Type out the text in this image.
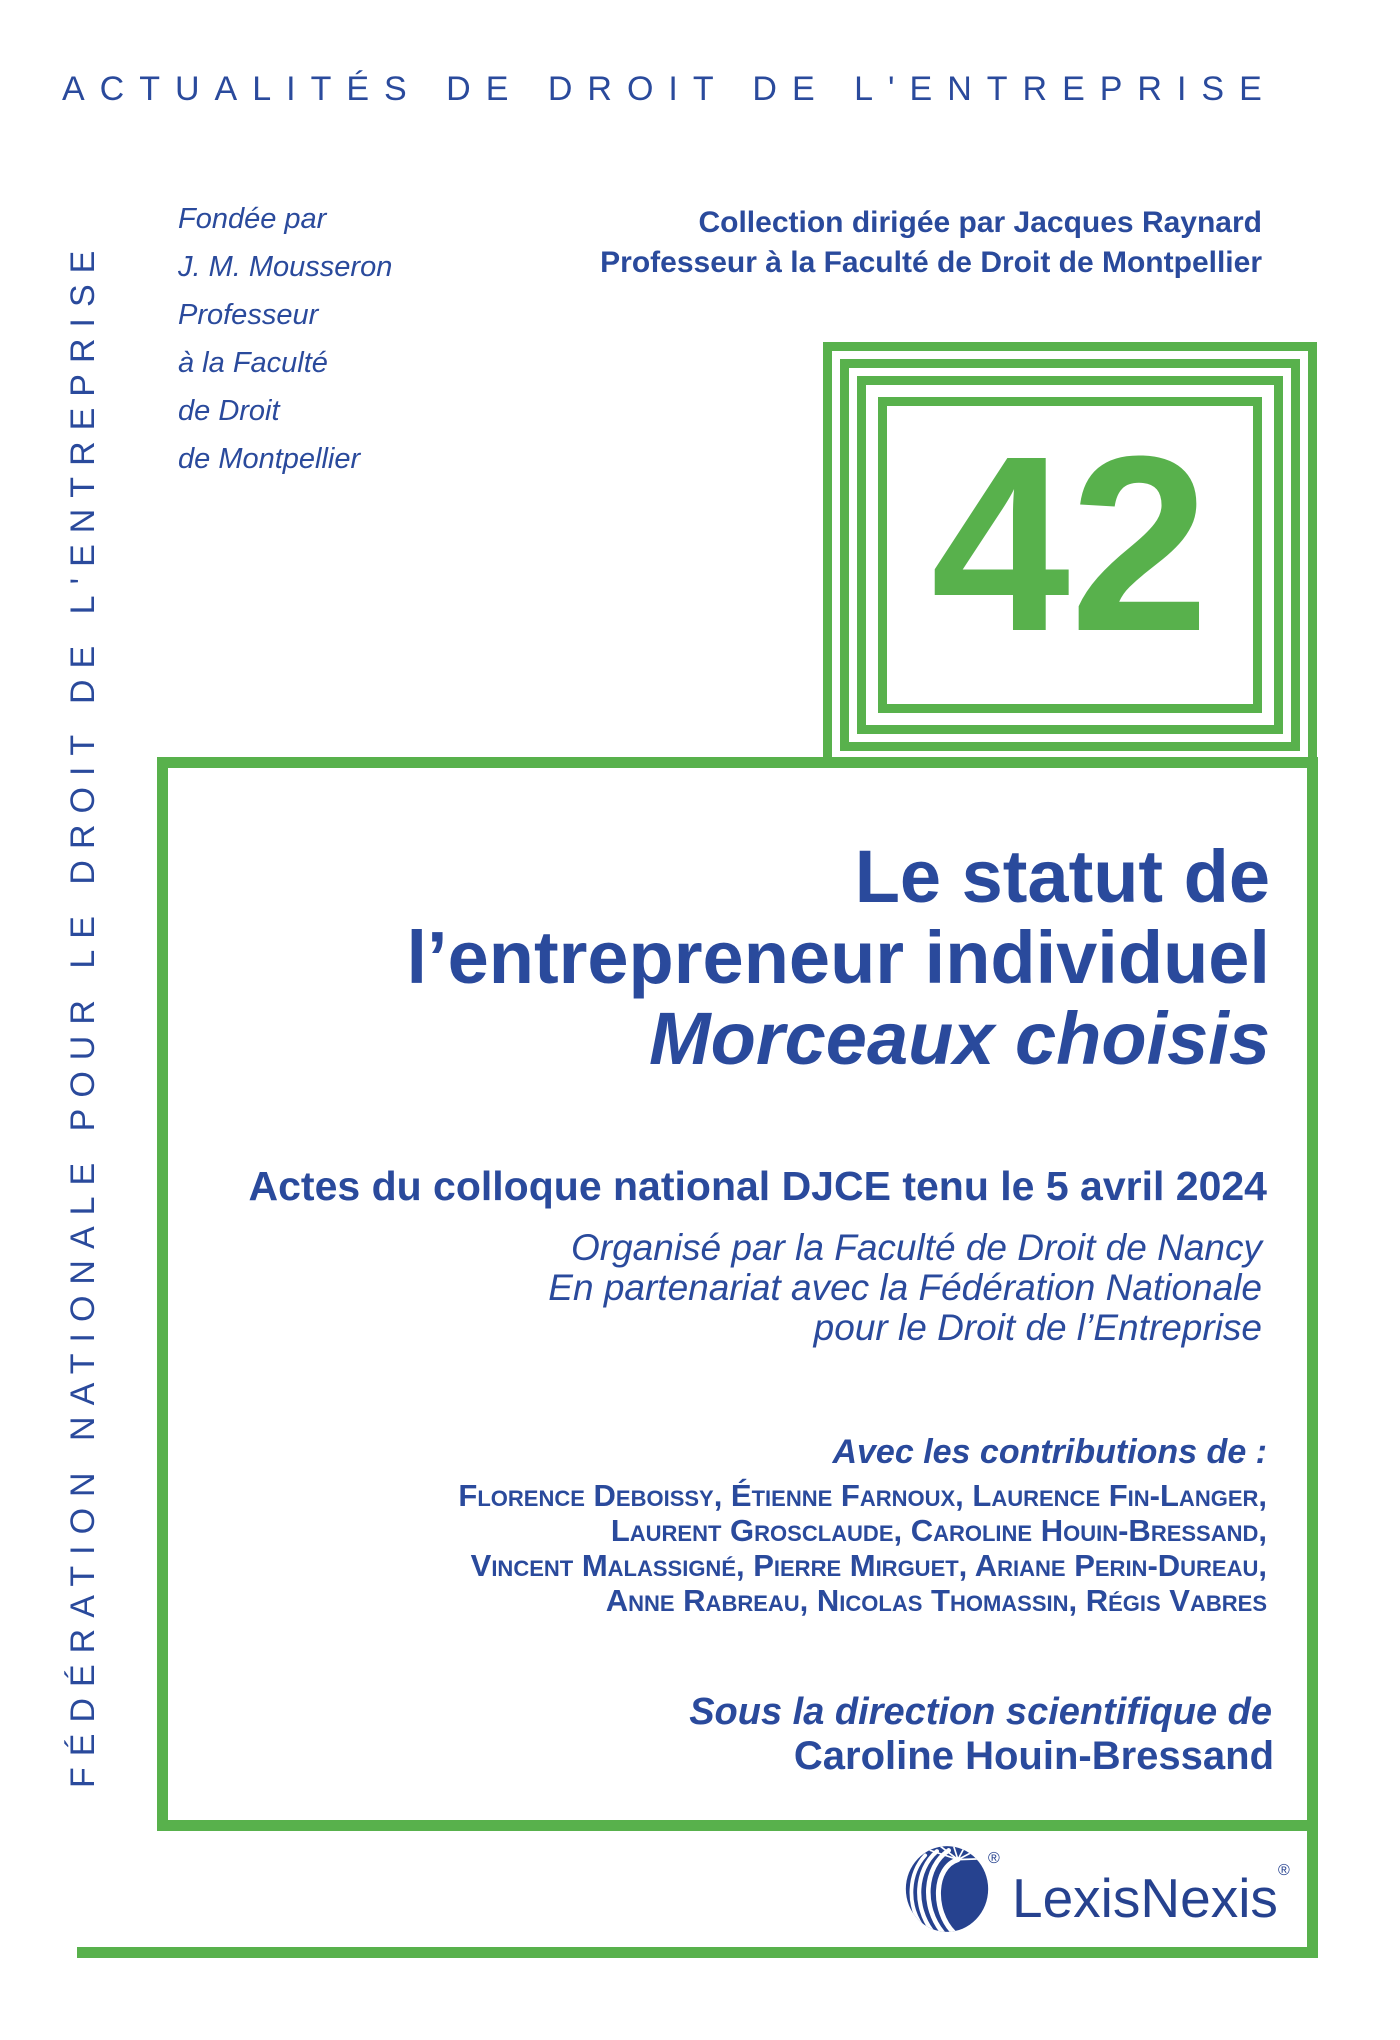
ACTUALITÉS DE DROIT DE L'ENTREPRISE
FÉDÉRATION NATIONALE POUR LE DROIT DE L'ENTREPRISE
Fondée par
J. M. Mousseron
Professeur
à la Faculté
de Droit
de Montpellier
Collection dirigée par Jacques Raynard
Professeur à la Faculté de Droit de Montpellier
42
Le statut de
l’entrepreneur individuel
Morceaux choisis
Actes du colloque national DJCE tenu le 5 avril 2024
Organisé par la Faculté de Droit de Nancy
En partenariat avec la Fédération Nationale
pour le Droit de l’Entreprise
Avec les contributions de :
Florence Deboissy, Étienne Farnoux, Laurence Fin-Langer,
Laurent Grosclaude, Caroline Houin-Bressand,
Vincent Malassigné, Pierre Mirguet, Ariane Perin-Dureau,
Anne Rabreau, Nicolas Thomassin, Régis Vabres
Sous la direction scientifique de
Caroline Houin-Bressand
®
LexisNexis ®
